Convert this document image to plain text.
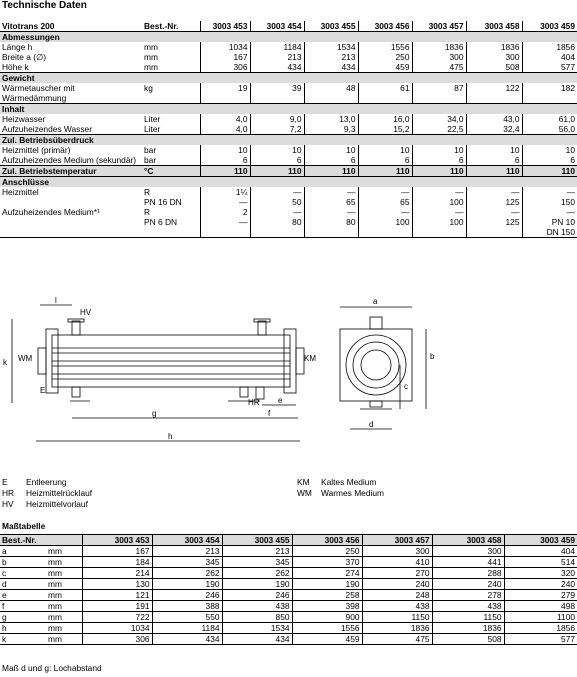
Technische Daten
Vitotrans 200	Best.-Nr.	3003 453	3003 454	3003 455	3003 456	3003 457	3003 458	3003 459
Abmessungen								
Länge h	mm	1034	1184	1534	1556	1836	1836	1856
Breite a (∅)	mm	167	213	213	250	300	300	404
Höhe k	mm	306	434	434	459	475	508	577
Gewicht								
Wärmetauscher mit Wärmedämmung	kg	19	39	48	61	87	122	182
Inhalt								
Heizwasser	Liter	4,0	9,0	13,0	16,0	34,0	43,0	61,0
Aufzuheizendes Wasser	Liter	4,0	7,2	9,3	15,2	22,5	32,4	56,0
Zul. Betriebsüberdruck								
Heizmittel (primär)	bar	10	10	10	10	10	10	10
Aufzuheizendes Medium (sekundär)	bar	6	6	6	6	6	6	6
Zul. Betriebstemperatur	°C	110	110	110	110	110	110	110
Anschlüsse								
Heizmittel	R	1¼	—	—	—	—	—	—
	PN 16 DN	—	50	65	65	100	125	150
Aufzuheizendes Medium*¹	R	2	—	—	—	—	—	—
	PN 6 DN	—	80	80	100	100	125	PN 10
								DN 150
l
HV
WM	KM
E
HR
k
g	f
h
e
a
b
c
d
E Entleerung
HR Heizmittelrücklauf
HV Heizmittelvorlauf
KM Kaltes Medium
WM Warmes Medium
Maßtabelle
Best.-Nr.		3003 453	3003 454	3003 455	3003 456	3003 457	3003 458	3003 459
a	mm	167	213	213	250	300	300	404
b	mm	184	345	345	370	410	441	514
c	mm	214	262	262	274	270	288	320
d	mm	130	190	190	190	240	240	240
e	mm	121	246	246	258	248	278	279
f	mm	191	388	438	398	438	438	498
g	mm	722	550	850	900	1150	1150	1100
h	mm	1034	1184	1534	1556	1836	1836	1856
k	mm	306	434	434	459	475	508	577
Maß d und g: Lochabstand
